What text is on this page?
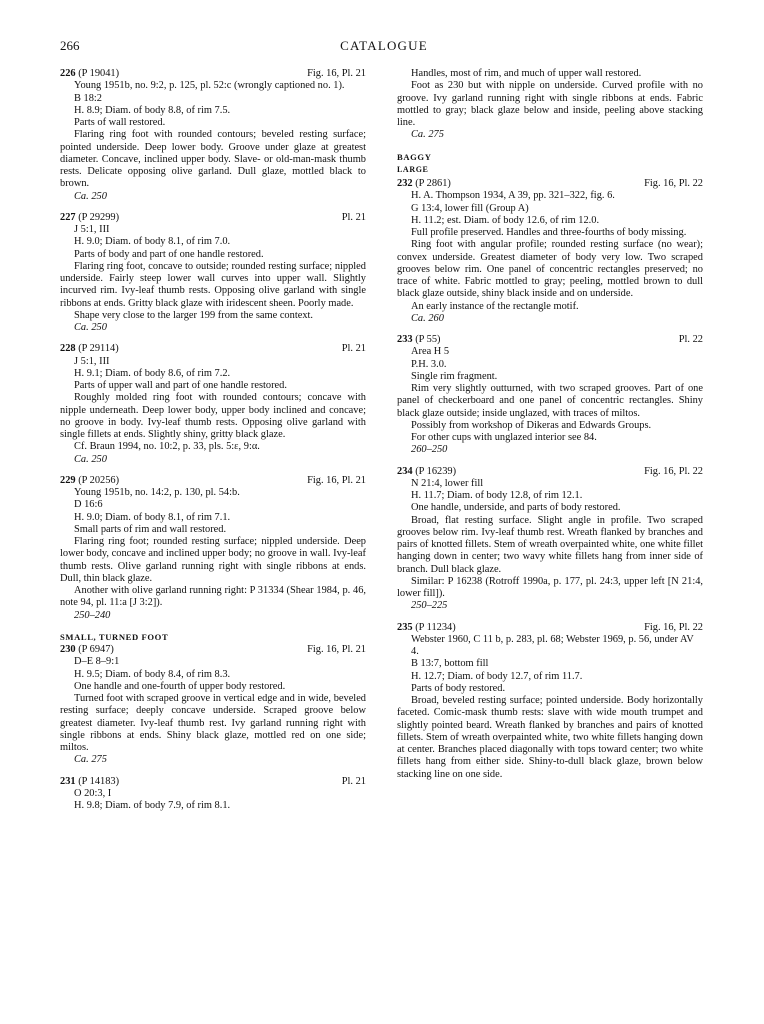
266	CATALOGUE
226 (P 19041)	Fig. 16, Pl. 21

Young 1951b, no. 9:2, p. 125, pl. 52:c (wrongly captioned no. 1).

B 18:2

H. 8.9; Diam. of body 8.8, of rim 7.5.

Parts of wall restored.

Flaring ring foot with rounded contours; beveled resting surface; pointed underside. Deep lower body. Groove under glaze at greatest diameter. Concave, inclined upper body. Slave- or old-man-mask thumb rests. Delicate opposing olive garland. Dull glaze, mottled black to brown.

Ca. 250

227 (P 29299)	Pl. 21

J 5:1, III

H. 9.0; Diam. of body 8.1, of rim 7.0.

Parts of body and part of one handle restored.

Flaring ring foot, concave to outside; rounded resting surface; nippled underside. Fairly steep lower wall curves into upper wall. Slightly incurved rim. Ivy-leaf thumb rests. Opposing olive garland with single ribbons at ends. Gritty black glaze with iridescent sheen. Poorly made.

Shape very close to the larger 199 from the same context.

Ca. 250

228 (P 29114)	Pl. 21

J 5:1, III

H. 9.1; Diam. of body 8.6, of rim 7.2.

Parts of upper wall and part of one handle restored.

Roughly molded ring foot with rounded contours; concave with nipple underneath. Deep lower body, upper body inclined and concave; no groove in body. Ivy-leaf thumb rests. Opposing olive garland with single fillets at ends. Slightly shiny, gritty black glaze.

Cf. Braun 1994, no. 10:2, p. 33, pls. 5:ε, 9:α.

Ca. 250

229 (P 20256)	Fig. 16, Pl. 21

Young 1951b, no. 14:2, p. 130, pl. 54:b.

D 16:6

H. 9.0; Diam. of body 8.1, of rim 7.1.

Small parts of rim and wall restored.

Flaring ring foot; rounded resting surface; nippled underside. Deep lower body, concave and inclined upper body; no groove in wall. Ivy-leaf thumb rests. Olive garland running right with single ribbons at ends. Dull, thin black glaze.

Another with olive garland running right: P 31334 (Shear 1984, p. 46, note 94, pl. 11:a [J 3:2]).

250–240

SMALL, TURNED FOOT
230 (P 6947)	Fig. 16, Pl. 21

D–E 8–9:1

H. 9.5; Diam. of body 8.4, of rim 8.3.

One handle and one-fourth of upper body restored.

Turned foot with scraped groove in vertical edge and in wide, beveled resting surface; deeply concave underside. Scraped groove below greatest diameter. Ivy-leaf thumb rest. Ivy garland running right with single ribbons at ends. Shiny black glaze, mottled red on one side; miltos.

Ca. 275

231 (P 14183)	Pl. 21

O 20:3, I

H. 9.8; Diam. of body 7.9, of rim 8.1.

Handles, most of rim, and much of upper wall restored.

Foot as 230 but with nipple on underside. Curved profile with no groove. Ivy garland running right with single ribbons at ends. Fabric mottled to gray; black glaze below and inside, peeling above stacking line.

Ca. 275

BAGGY
LARGE
232 (P 2861)	Fig. 16, Pl. 22

H. A. Thompson 1934, A 39, pp. 321–322, fig. 6.

G 13:4, lower fill (Group A)

H. 11.2; est. Diam. of body 12.6, of rim 12.0.

Full profile preserved. Handles and three-fourths of body missing.

Ring foot with angular profile; rounded resting surface (no wear); convex underside. Greatest diameter of body very low. Two scraped grooves below rim. One panel of concentric rectangles preserved; no trace of white. Fabric mottled to gray; peeling, mottled brown to dull black glaze outside, shiny black inside and on underside.

An early instance of the rectangle motif.

Ca. 260

233 (P 55)	Pl. 22

Area H 5

P.H. 3.0.

Single rim fragment.

Rim very slightly outturned, with two scraped grooves. Part of one panel of checkerboard and one panel of concentric rectangles. Shiny black glaze outside; inside unglazed, with traces of miltos.

Possibly from workshop of Dikeras and Edwards Groups.

For other cups with unglazed interior see 84.

260–250

234 (P 16239)	Fig. 16, Pl. 22

N 21:4, lower fill

H. 11.7; Diam. of body 12.8, of rim 12.1.

One handle, underside, and parts of body restored.

Broad, flat resting surface. Slight angle in profile. Two scraped grooves below rim. Ivy-leaf thumb rest. Wreath flanked by branches and pairs of knotted fillets. Stem of wreath overpainted white, one white fillet hanging down in center; two wavy white fillets hang from inner side of branch. Dull black glaze.

Similar: P 16238 (Rotroff 1990a, p. 177, pl. 24:3, upper left [N 21:4, lower fill]).

250–225

235 (P 11234)	Fig. 16, Pl. 22

Webster 1960, C 11 b, p. 283, pl. 68; Webster 1969, p. 56, under AV 4.

B 13:7, bottom fill

H. 12.7; Diam. of body 12.7, of rim 11.7.

Parts of body restored.

Broad, beveled resting surface; pointed underside. Body horizontally faceted. Comic-mask thumb rests: slave with wide mouth trumpet and slightly pointed beard. Wreath flanked by branches and pairs of knotted fillets. Stem of wreath overpainted white, two white fillets hanging down at center. Branches placed diagonally with tops toward center; two white fillets hang from either side. Shiny-to-dull black glaze, brown below stacking line on one side.
